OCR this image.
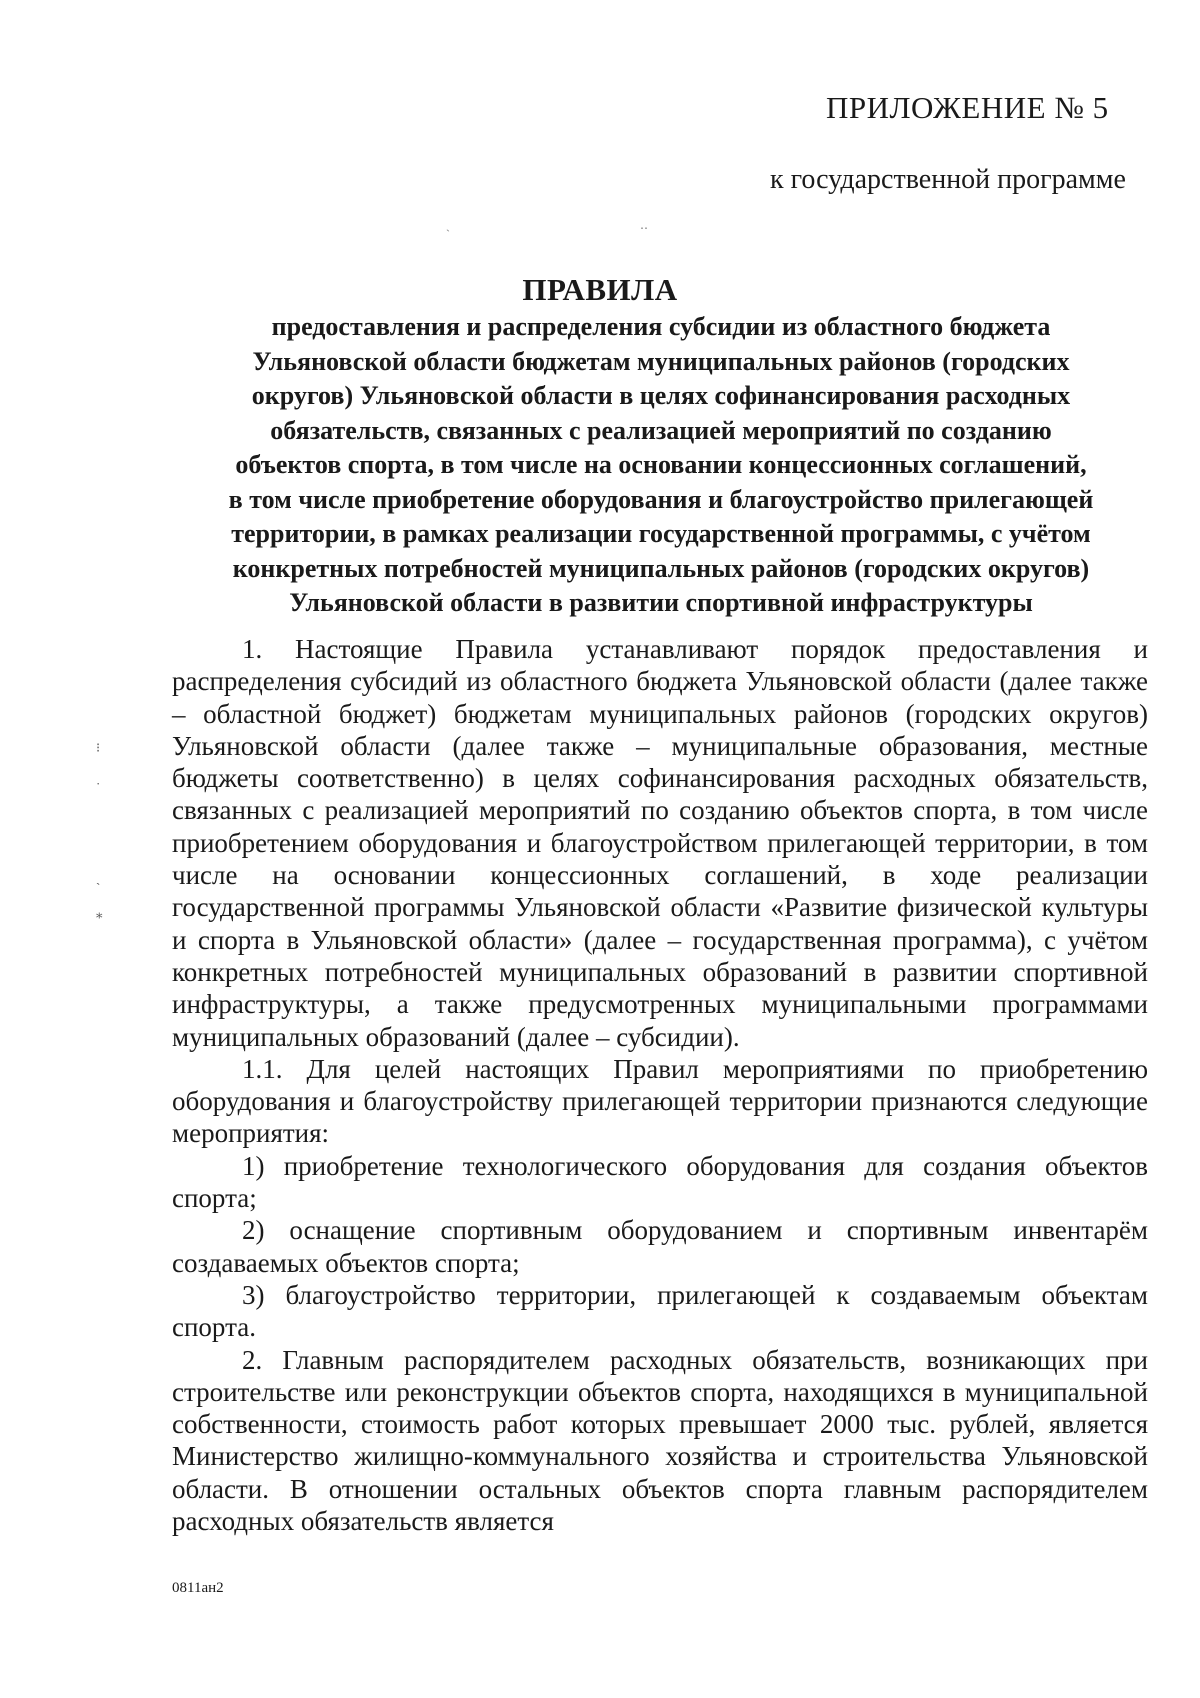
ПРИЛОЖЕНИЕ № 5
к государственной программе
ПРАВИЛА
предоставления и распределения субсидии из областного бюджета
Ульяновской области бюджетам муниципальных районов (городских
округов) Ульяновской области в целях софинансирования расходных
обязательств, связанных с реализацией мероприятий по созданию
объектов спорта, в том числе на основании концессионных соглашений,
в том числе приобретение оборудования и благоустройство прилегающей
территории, в рамках реализации государственной программы, с учётом
конкретных потребностей муниципальных районов (городских округов)
Ульяновской области в развитии спортивной инфраструктуры

1. Настоящие Правила устанавливают порядок предоставления и распределения субсидий из областного бюджета Ульяновской области (далее также – областной бюджет) бюджетам муниципальных районов (городских округов) Ульяновской области (далее также – муниципальные образования, местные бюджеты соответственно) в целях софинансирования расходных обязательств, связанных с реализацией мероприятий по созданию объектов спорта, в том числе приобретением оборудования и благоустройством прилегающей территории, в том числе на основании концессионных соглашений, в ходе реализации государственной программы Ульяновской области «Развитие физической культуры и спорта в Ульяновской области» (далее – государственная программа), с учётом конкретных потребностей муниципальных образований в развитии спортивной инфраструктуры, а также предусмотренных муниципальными программами муниципальных образований (далее – субсидии).

1.1. Для целей настоящих Правил мероприятиями по приобретению оборудования и благоустройству прилегающей территории признаются следующие мероприятия:

1) приобретение технологического оборудования для создания объектов спорта;

2) оснащение спортивным оборудованием и спортивным инвентарём создаваемых объектов спорта;

3) благоустройство территории, прилегающей к создаваемым объектам спорта.

2. Главным распорядителем расходных обязательств, возникающих при строительстве или реконструкции объектов спорта, находящихся в муниципальной собственности, стоимость работ которых превышает 2000 тыс. рублей, является Министерство жилищно-коммунального хозяйства и строительства Ульяновской области. В отношении остальных объектов спорта главным распорядителем расходных обязательств является

⁝
·
ˋ
⁎
ˏ	‥
0811ан2
